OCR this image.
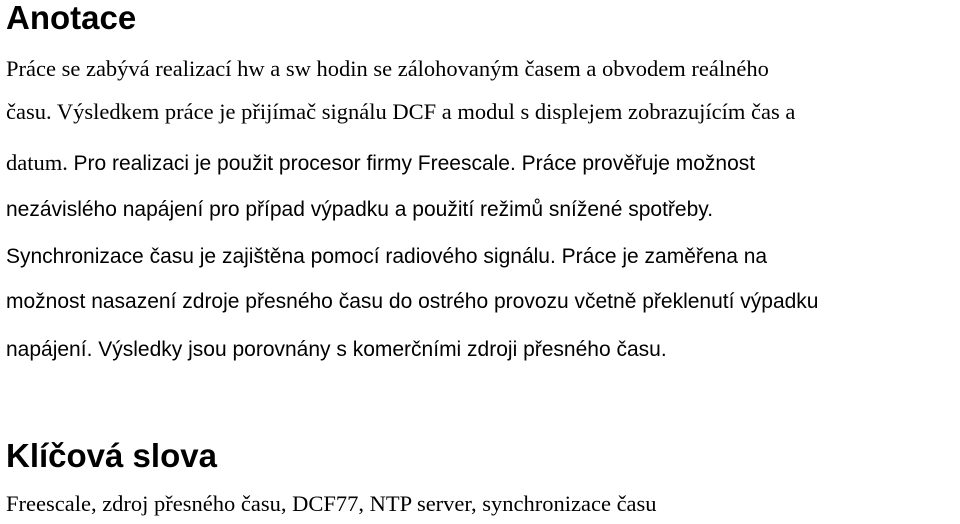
Anotace
Práce se zabývá realizací hw a sw hodin se zálohovaným časem a obvodem reálného
času. Výsledkem práce je přijímač signálu DCF a modul s displejem zobrazujícím čas a
datum. Pro realizaci je použit procesor firmy Freescale. Práce prověřuje možnost
nezávislého napájení pro případ výpadku a použití režimů snížené spotřeby.
Synchronizace času je zajištěna pomocí radiového signálu. Práce je zaměřena na
možnost nasazení zdroje přesného času do ostrého provozu včetně překlenutí výpadku
napájení. Výsledky jsou porovnány s komerčními zdroji přesného času.
Klíčová slova
Freescale, zdroj přesného času, DCF77, NTP server, synchronizace času
